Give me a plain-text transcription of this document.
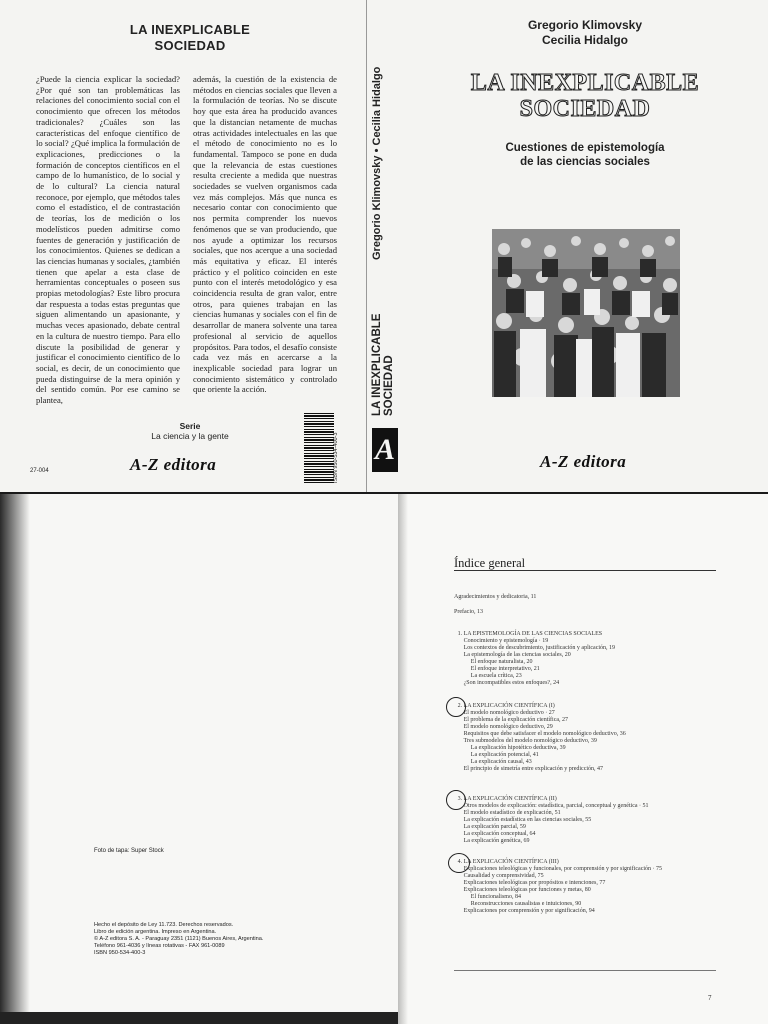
LA INEXPLICABLE
SOCIEDAD

¿Puede la ciencia explicar la sociedad? ¿Por qué son tan problemáticas las relaciones del conocimiento social con el conocimiento que ofrecen los métodos tradicionales? ¿Cuáles son las características del enfoque científico de lo social? ¿Qué implica la formulación de explicaciones, predicciones o la formación de conceptos científicos en el campo de lo humanístico, de lo social y de lo cultural? La ciencia natural reconoce, por ejemplo, que métodos tales como el estadístico, el de contrastación de teorías, los de medición o los modelísticos pueden admitirse como fuentes de generación y justificación de los conocimientos. Quienes se dedican a las ciencias humanas y sociales, ¿también tienen que apelar a esta clase de herramientas conceptuales o poseen sus propias metodologías? Este libro procura dar respuesta a todas estas preguntas que siguen alimentando un apasionante, y muchas veces apasionado, debate central en la cultura de nuestro tiempo. Para ello discute la posibilidad de generar y justificar el conocimiento científico de lo social, es decir, de un conocimiento que pueda distinguirse de la mera opinión y del sentido común. Por ese camino se plantea,

además, la cuestión de la existencia de métodos en ciencias sociales que lleven a la formulación de teorías. No se discute hoy que esta área ha producido avances que la distancian netamente de muchas otras actividades intelectuales en las que el método de conocimiento no es lo fundamental. Tampoco se pone en duda que la relevancia de estas cuestiones resulta creciente a medida que nuestras sociedades se vuelven organismos cada vez más complejos. Más que nunca es necesario contar con conocimiento que nos permita comprender los nuevos fenómenos que se van produciendo, que nos ayude a optimizar los recursos sociales, que nos acerque a una sociedad más equitativa y eficaz. El interés práctico y el político coinciden en este punto con el interés metodológico y esa coincidencia resulta de gran valor, entre otros, para quienes trabajan en las ciencias humanas y sociales con el fin de desarrollar de manera solvente una tarea profesional al servicio de aquellos propósitos. Para todos, el desafío consiste cada vez más en acercarse a la inexplicable sociedad para lograr un conocimiento sistemático y controlado que oriente la acción.

Serie
La ciencia y la gente
A-Z editora	ISBN 950-534-400-3
27-004
Gregorio Klimovsky • Cecilia Hidalgo
LA INEXPLICABLE SOCIEDAD
A
Gregorio Klimovsky
Cecilia Hidalgo
LA INEXPLICABLE
SOCIEDAD
Cuestiones de epistemología
de las ciencias sociales
A-Z editora
Foto de tapa: Super Stock
Hecho el depósito de Ley 11.723. Derechos reservados.
Libro de edición argentina. Impreso en Argentina.
© A-Z editora S. A. - Paraguay 2351 (1121) Buenos Aires, Argentina.
Teléfono 961-4036 y líneas rotativas - FAX 961-0089
ISBN 950-534-400-3
Índice general
Agradecimientos y dedicatoria, 11
Prefacio, 13
1. LA EPISTEMOLOGÍA DE LAS CIENCIAS SOCIALES
Conocimiento y epistemología · 19
Los contextos de descubrimiento, justificación y aplicación, 19
La epistemología de las ciencias sociales, 20
El enfoque naturalista, 20
El enfoque interpretativo, 21
La escuela crítica, 23
¿Son incompatibles estos enfoques?, 24
2. LA EXPLICACIÓN CIENTÍFICA (I)
El modelo nomológico deductivo · 27
El problema de la explicación científica, 27
El modelo nomológico deductivo, 29
Requisitos que debe satisfacer el modelo nomológico deductivo, 36
Tres submodelos del modelo nomológico deductivo, 39
La explicación hipotético deductiva, 39
La explicación potencial, 41
La explicación causal, 43
El principio de simetría entre explicación y predicción, 47
3. LA EXPLICACIÓN CIENTÍFICA (II)
Otros modelos de explicación: estadística, parcial, conceptual y genética · 51
El modelo estadístico de explicación, 51
La explicación estadística en las ciencias sociales, 55
La explicación parcial, 59
La explicación conceptual, 64
La explicación genética, 69
4. LA EXPLICACIÓN CIENTÍFICA (III)
Explicaciones teleológicas y funcionales, por comprensión y por significación · 75
Causalidad y comprensividad, 75
Explicaciones teleológicas por propósitos e intenciones, 77
Explicaciones teleológicas por funciones y metas, 80
El funcionalismo, 84
Reconstrucciones causalistas e intuiciones, 90
Explicaciones por comprensión y por significación, 94
7
